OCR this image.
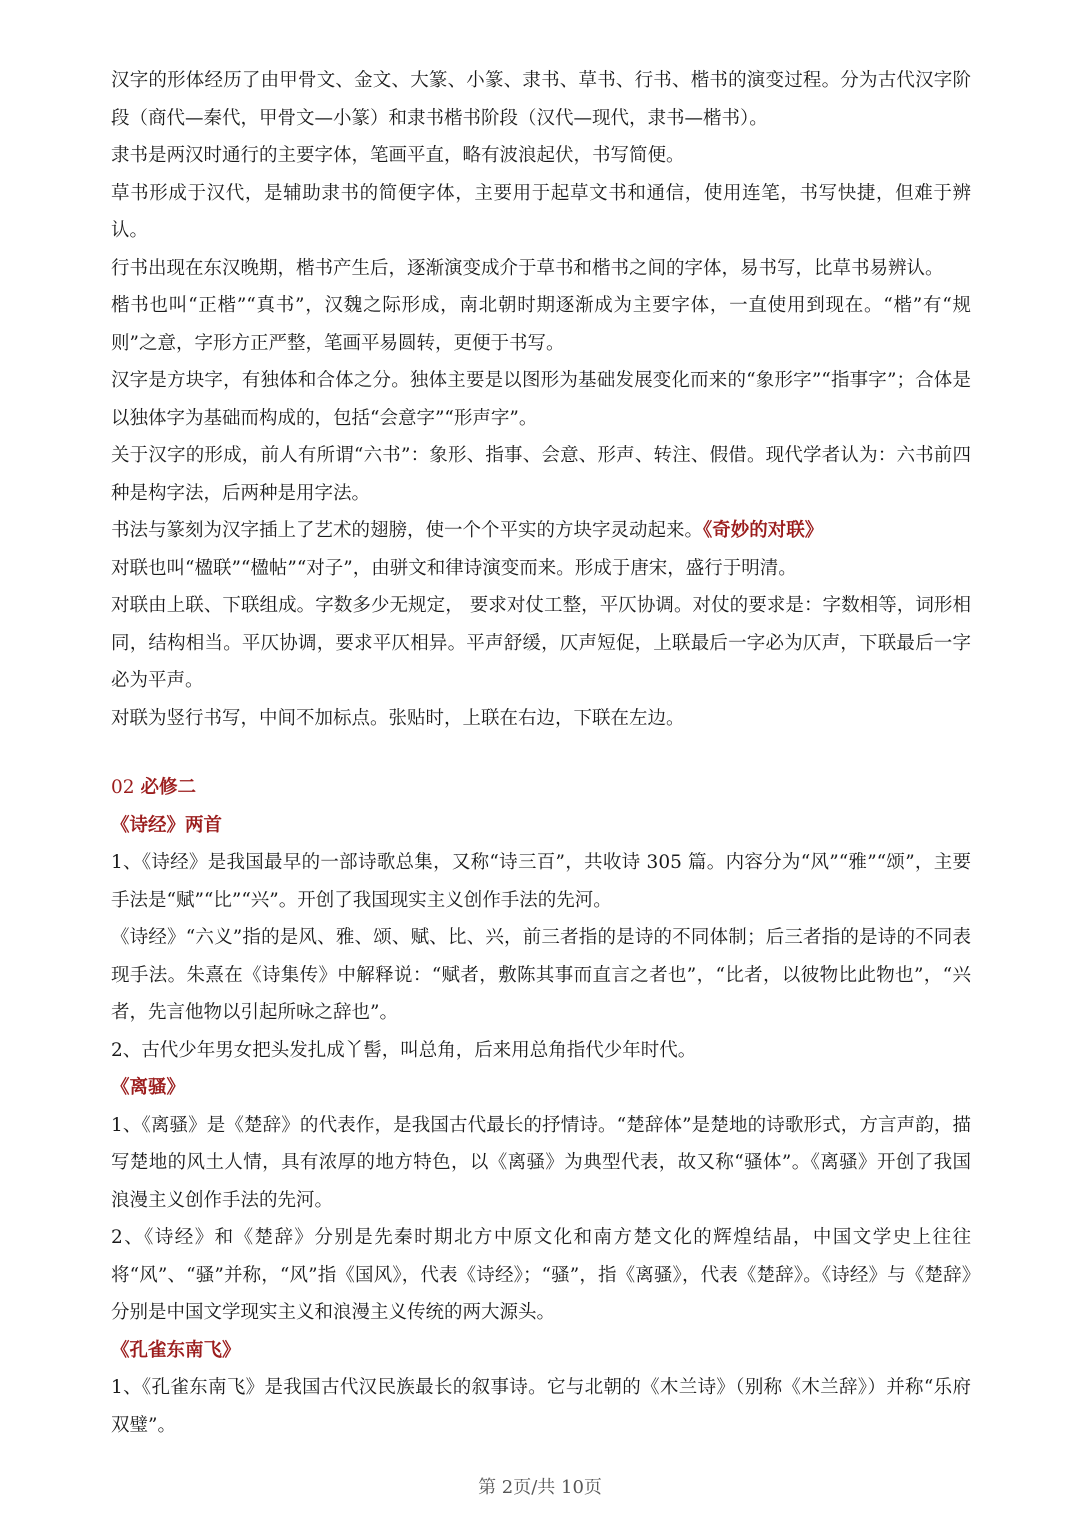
汉字的形体经历了由甲骨文、金文、大篆、小篆、隶书、草书、行书、楷书的演变过程。分为古代汉字阶段（商代—秦代，甲骨文—小篆）和隶书楷书阶段（汉代—现代，隶书—楷书）。

隶书是两汉时通行的主要字体，笔画平直，略有波浪起伏，书写简便。

草书形成于汉代，是辅助隶书的简便字体，主要用于起草文书和通信，使用连笔，书写快捷，但难于辨认。

行书出现在东汉晚期，楷书产生后，逐渐演变成介于草书和楷书之间的字体，易书写，比草书易辨认。

楷书也叫“正楷”“真书”，汉魏之际形成，南北朝时期逐渐成为主要字体，一直使用到现在。“楷”有“规则”之意，字形方正严整，笔画平易圆转，更便于书写。

汉字是方块字，有独体和合体之分。独体主要是以图形为基础发展变化而来的“象形字”“指事字”；合体是以独体字为基础而构成的，包括“会意字”“形声字”。

关于汉字的形成，前人有所谓“六书”：象形、指事、会意、形声、转注、假借。现代学者认为：六书前四种是构字法，后两种是用字法。

书法与篆刻为汉字插上了艺术的翅膀，使一个个平实的方块字灵动起来。《奇妙的对联》

对联也叫“楹联”“楹帖”“对子”，由骈文和律诗演变而来。形成于唐宋，盛行于明清。

对联由上联、下联组成。字数多少无规定， 要求对仗工整，平仄协调。对仗的要求是：字数相等，词形相同，结构相当。平仄协调，要求平仄相异。平声舒缓，仄声短促，上联最后一字必为仄声，下联最后一字必为平声。

对联为竖行书写，中间不加标点。张贴时，上联在右边，下联在左边。

02 必修二

《诗经》两首

1、《诗经》是我国最早的一部诗歌总集，又称“诗三百”，共收诗 305 篇。内容分为“风”“雅”“颂”，主要手法是“赋”“比”“兴”。开创了我国现实主义创作手法的先河。

《诗经》“六义”指的是风、雅、颂、赋、比、兴，前三者指的是诗的不同体制；后三者指的是诗的不同表现手法。朱熹在《诗集传》中解释说：“赋者，敷陈其事而直言之者也”，“比者，以彼物比此物也”，“兴者，先言他物以引起所咏之辞也”。

2、古代少年男女把头发扎成丫髻，叫总角，后来用总角指代少年时代。

《离骚》

1、《离骚》是《楚辞》的代表作，是我国古代最长的抒情诗。“楚辞体”是楚地的诗歌形式，方言声韵，描写楚地的风土人情，具有浓厚的地方特色，以《离骚》为典型代表，故又称“骚体”。《离骚》开创了我国浪漫主义创作手法的先河。

2、《诗经》和《楚辞》分别是先秦时期北方中原文化和南方楚文化的辉煌结晶，中国文学史上往往将“风”、“骚”并称，“风”指《国风》，代表《诗经》；“骚”，指《离骚》，代表《楚辞》。《诗经》与《楚辞》分别是中国文学现实主义和浪漫主义传统的两大源头。

《孔雀东南飞》

1、《孔雀东南飞》是我国古代汉民族最长的叙事诗。它与北朝的《木兰诗》（别称《木兰辞》）并称“乐府双璧”。

第 2页/共 10页
